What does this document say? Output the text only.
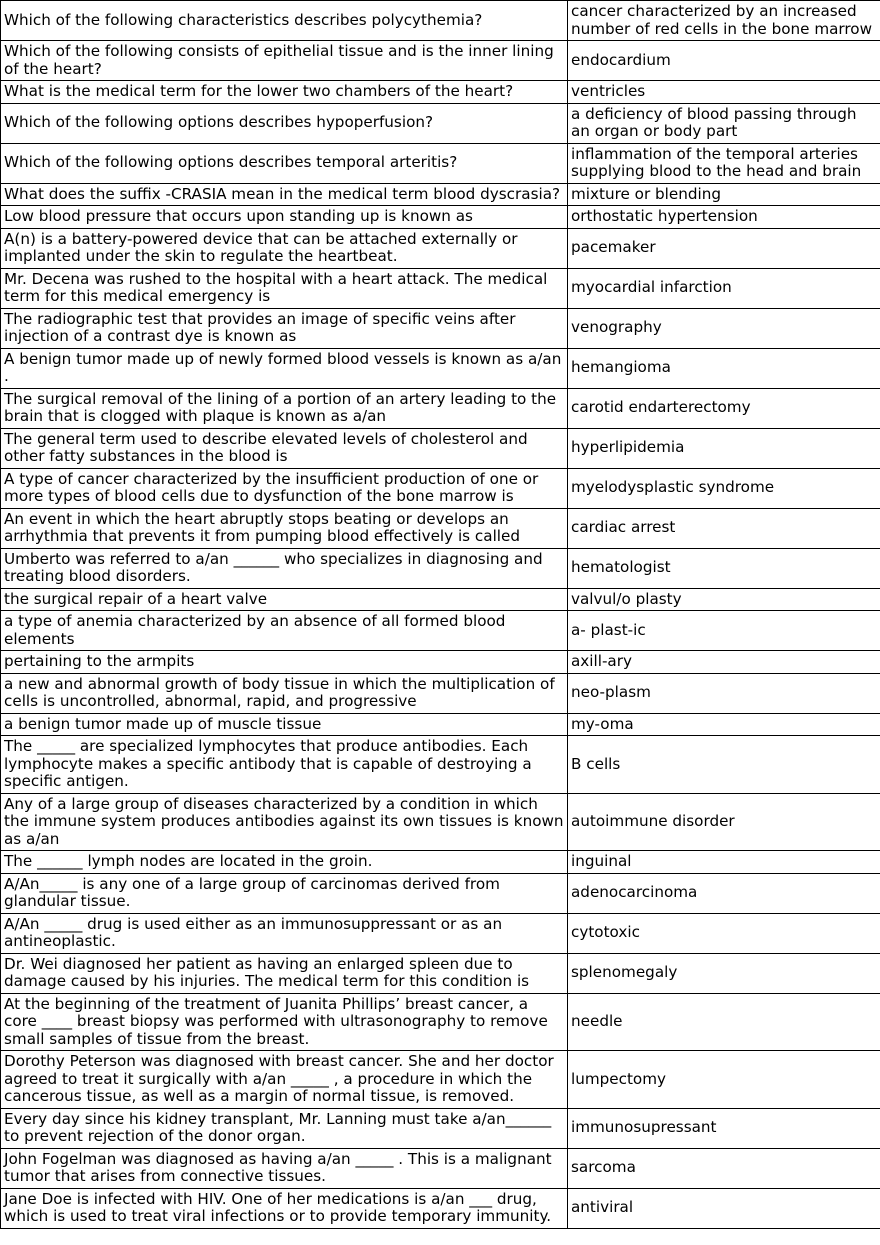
Which of the following characteristics describes polycythemia?	cancer characterized by an increased number of red cells in the bone marrow
Which of the following consists of epithelial tissue and is the inner lining of the heart?	endocardium
What is the medical term for the lower two chambers of the heart?	ventricles
Which of the following options describes hypoperfusion?	a deficiency of blood passing through an organ or body part
Which of the following options describes temporal arteritis?	inflammation of the temporal arteries supplying blood to the head and brain
What does the suffix -CRASIA mean in the medical term blood dyscrasia?	mixture or blending
Low blood pressure that occurs upon standing up is known as	orthostatic hypertension
A(n) is a battery-powered device that can be attached externally or implanted under the skin to regulate the heartbeat.	pacemaker
Mr. Decena was rushed to the hospital with a heart attack. The medical term for this medical emergency is	myocardial infarction
The radiographic test that provides an image of specific veins after injection of a contrast dye is known as	venography
A benign tumor made up of newly formed blood vessels is known as a/an .	hemangioma
The surgical removal of the lining of a portion of an artery leading to the brain that is clogged with plaque is known as a/an	carotid endarterectomy
The general term used to describe elevated levels of cholesterol and other fatty substances in the blood is	hyperlipidemia
A type of cancer characterized by the insufficient production of one or more types of blood cells due to dysfunction of the bone marrow is	myelodysplastic syndrome
An event in which the heart abruptly stops beating or develops an arrhythmia that prevents it from pumping blood effectively is called	cardiac arrest
Umberto was referred to a/an ______ who specializes in diagnosing and treating blood disorders.	hematologist
the surgical repair of a heart valve	valvul/o plasty
a type of anemia characterized by an absence of all formed blood elements	a- plast-ic
pertaining to the armpits	axill-ary
a new and abnormal growth of body tissue in which the multiplication of cells is uncontrolled, abnormal, rapid, and progressive	neo-plasm
a benign tumor made up of muscle tissue	my-oma
The _____ are specialized lymphocytes that produce antibodies. Each lymphocyte makes a specific antibody that is capable of destroying a specific antigen.	B cells
Any of a large group of diseases characterized by a condition in which the immune system produces antibodies against its own tissues is known as a/an	autoimmune disorder
The ______ lymph nodes are located in the groin.	inguinal
A/An_____ is any one of a large group of carcinomas derived from glandular tissue.	adenocarcinoma
A/An _____ drug is used either as an immunosuppressant or as an antineoplastic.	cytotoxic
Dr. Wei diagnosed her patient as having an enlarged spleen due to damage caused by his injuries. The medical term for this condition is	splenomegaly
At the beginning of the treatment of Juanita Phillips’ breast cancer, a core ____ breast biopsy was performed with ultrasonography to remove small samples of tissue from the breast.	needle
Dorothy Peterson was diagnosed with breast cancer. She and her doctor agreed to treat it surgically with a/an _____ , a procedure in which the cancerous tissue, as well as a margin of normal tissue, is removed.	lumpectomy
Every day since his kidney transplant, Mr. Lanning must take a/an______ to prevent rejection of the donor organ.	immunosupressant
John Fogelman was diagnosed as having a/an _____ . This is a malignant tumor that arises from connective tissues.	sarcoma
Jane Doe is infected with HIV. One of her medications is a/an ___ drug, which is used to treat viral infections or to provide temporary immunity.	antiviral
